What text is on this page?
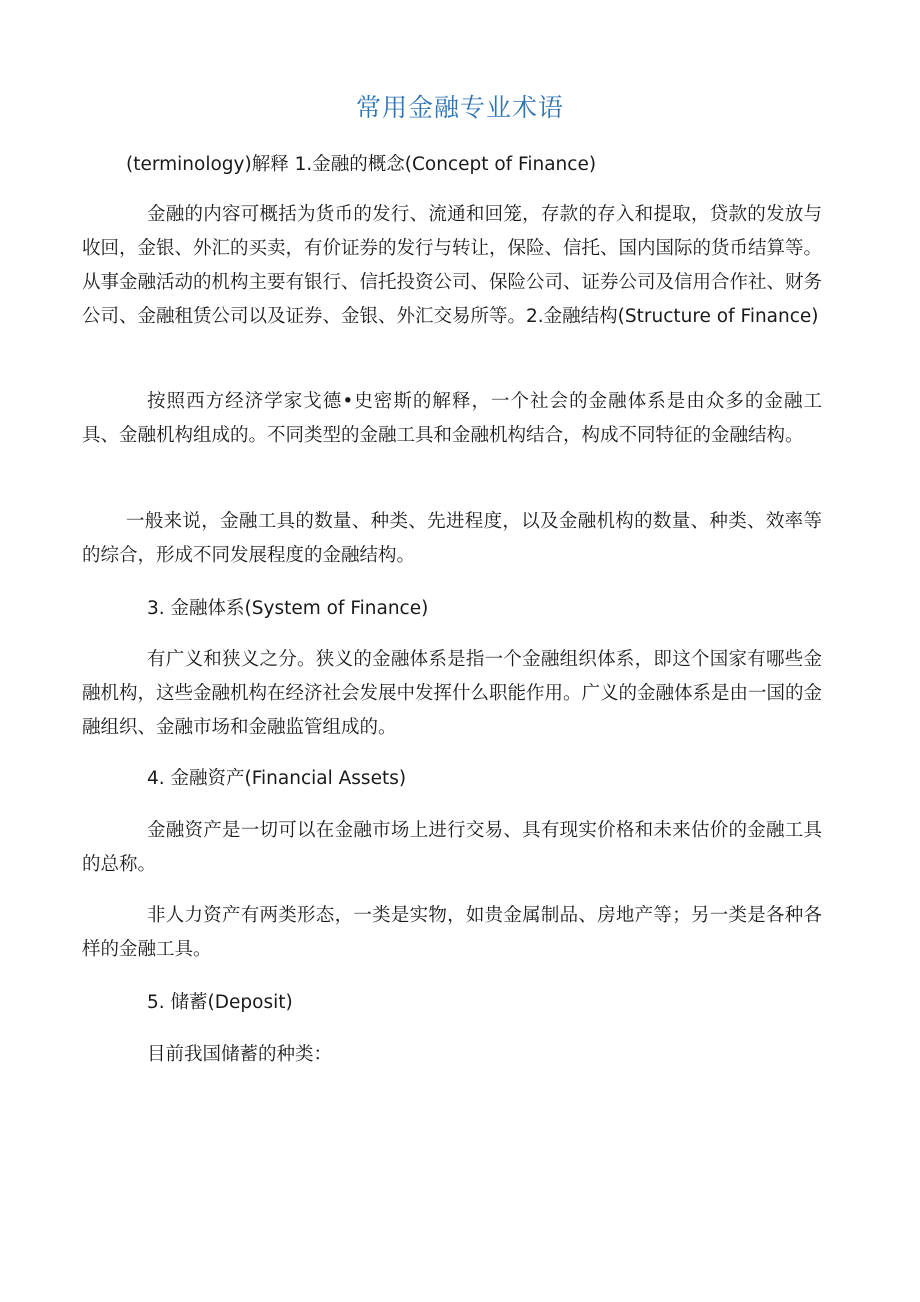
常用金融专业术语

(terminology)解释 1.金融的概念(Concept of Finance)

金融的内容可概括为货币的发行、流通和回笼，存款的存入和提取，贷款的发放与收回，金银、外汇的买卖，有价证券的发行与转让，保险、信托、国内国际的货币结算等。从事金融活动的机构主要有银行、信托投资公司、保险公司、证券公司及信用合作社、财务公司、金融租赁公司以及证券、金银、外汇交易所等。2.金融结构(Structure of Finance)

按照西方经济学家戈德•史密斯的解释，一个社会的金融体系是由众多的金融工具、金融机构组成的。不同类型的金融工具和金融机构结合，构成不同特征的金融结构。

一般来说，金融工具的数量、种类、先进程度，以及金融机构的数量、种类、效率等的综合，形成不同发展程度的金融结构。

3. 金融体系(System of Finance)

有广义和狭义之分。狭义的金融体系是指一个金融组织体系，即这个国家有哪些金融机构，这些金融机构在经济社会发展中发挥什么职能作用。广义的金融体系是由一国的金融组织、金融市场和金融监管组成的。

4. 金融资产(Financial Assets)

金融资产是一切可以在金融市场上进行交易、具有现实价格和未来估价的金融工具的总称。

非人力资产有两类形态，一类是实物，如贵金属制品、房地产等；另一类是各种各样的金融工具。

5. 储蓄(Deposit)

目前我国储蓄的种类：
